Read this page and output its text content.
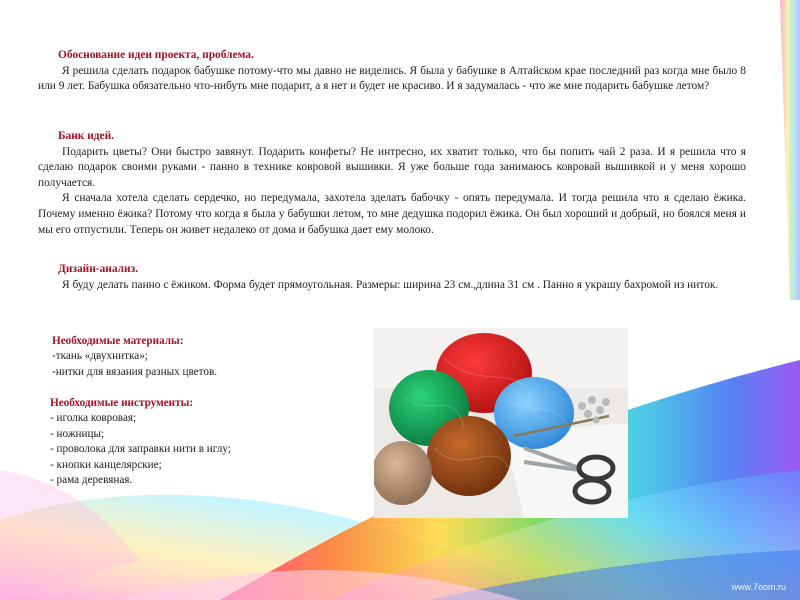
Обоснование идеи проекта, проблема.

Я решила сделать подарок бабушке потому-что мы давно не виделись. Я была у бабушке в Алтайском крае последний раз когда мне было 8 или 9 лет. Бабушка обязательно что-нибуть мне подарит, а я нет и будет не красиво. И я задумалась - что же мне подарить бабушке летом?

Банк идей.

Подарить цветы? Они быстро завянут. Подарить конфеты? Не интресно, их хватит только, что бы попить чай 2 раза. И я решила что я сделаю подарок своими руками - панно в технике ковровой вышивки. Я уже больше года занимаюсь ковровай вышивкой и у меня хорошо получается.

Я сначала хотела сделать сердечко, но передумала, захотела зделать бабочку - опять передумала. И тогда решила что я сделаю ёжика. Почему именно ёжика? Потому что когда я была у бабушки летом, то мне дедушка подорил ёжика. Он был хороший и добрый, но боялся меня и мы его отпустили. Теперь он живет недалеко от дома и бабушка дает ему молоко.

Дизайн-анализ.

Я буду делать панно с ёжиком. Форма будет прямоугольная. Размеры: ширина 23 см.,длина 31 см . Панно я украшу бахромой из ниток.

Необходимые материалы:
-ткань «двухнитка»;
-нитки для вязания разных цветов.
Необходимые инструменты:
- иголка ковровая;
- ножницы;
- проволока для заправки нити в иглу;
- кнопки канцелярские;
- рама деревяная.
www.7oom.ru
